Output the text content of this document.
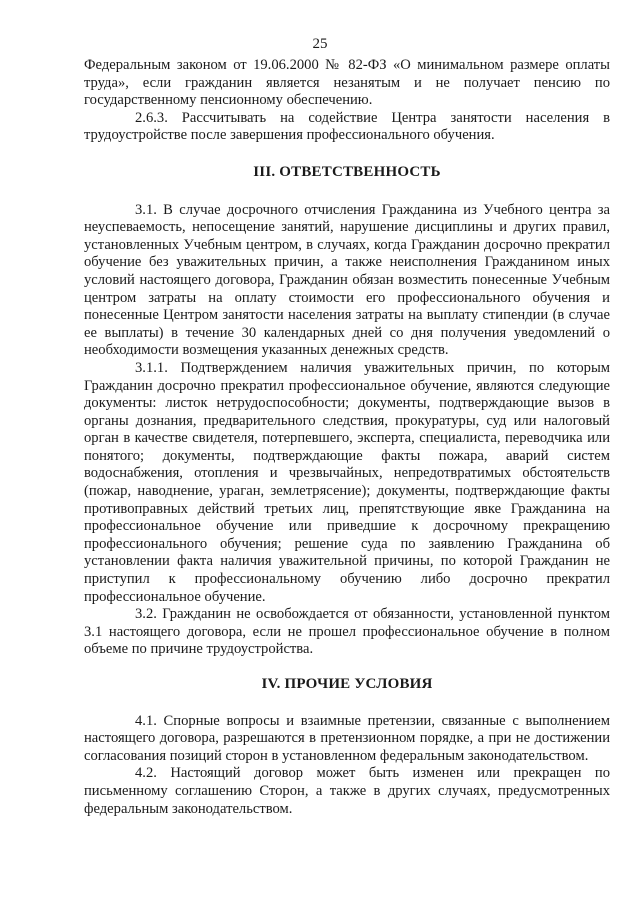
25

Федеральным законом от 19.06.2000 № 82-ФЗ «О минимальном размере оплаты труда», если гражданин является незанятым и не получает пенсию по государственному пенсионному обеспечению.

2.6.3. Рассчитывать на содействие Центра занятости населения в трудоустройстве после завершения профессионального обучения.

III. ОТВЕТСТВЕННОСТЬ

3.1. В случае досрочного отчисления Гражданина из Учебного центра за неуспеваемость, непосещение занятий, нарушение дисциплины и других правил, установленных Учебным центром, в случаях, когда Гражданин досрочно прекратил обучение без уважительных причин, а также неисполнения Гражданином иных условий настоящего договора, Гражданин обязан возместить понесенные Учебным центром затраты на оплату стоимости его профессионального обучения и понесенные Центром занятости населения затраты на выплату стипендии (в случае ее выплаты) в течение 30 календарных дней со дня получения уведомлений о необходимости возмещения указанных денежных средств.

3.1.1. Подтверждением наличия уважительных причин, по которым Гражданин досрочно прекратил профессиональное обучение, являются следующие документы: листок нетрудоспособности; документы, подтверждающие вызов в органы дознания, предварительного следствия, прокуратуры, суд или налоговый орган в качестве свидетеля, потерпевшего, эксперта, специалиста, переводчика или понятого; документы, подтверждающие факты пожара, аварий систем водоснабжения, отопления и чрезвычайных, непредотвратимых обстоятельств (пожар, наводнение, ураган, землетрясение); документы, подтверждающие факты противоправных действий третьих лиц, препятствующие явке Гражданина на профессиональное обучение или приведшие к досрочному прекращению профессионального обучения; решение суда по заявлению Гражданина об установлении факта наличия уважительной причины, по которой Гражданин не приступил к профессиональному обучению либо досрочно прекратил профессиональное обучение.

3.2. Гражданин не освобождается от обязанности, установленной пунктом 3.1 настоящего договора, если не прошел профессиональное обучение в полном объеме по причине трудоустройства.

IV. ПРОЧИЕ УСЛОВИЯ

4.1. Спорные вопросы и взаимные претензии, связанные с выполнением настоящего договора, разрешаются в претензионном порядке, а при не достижении согласования позиций сторон в установленном федеральным законодательством.

4.2. Настоящий договор может быть изменен или прекращен по письменному соглашению Сторон, а также в других случаях, предусмотренных федеральным законодательством.
